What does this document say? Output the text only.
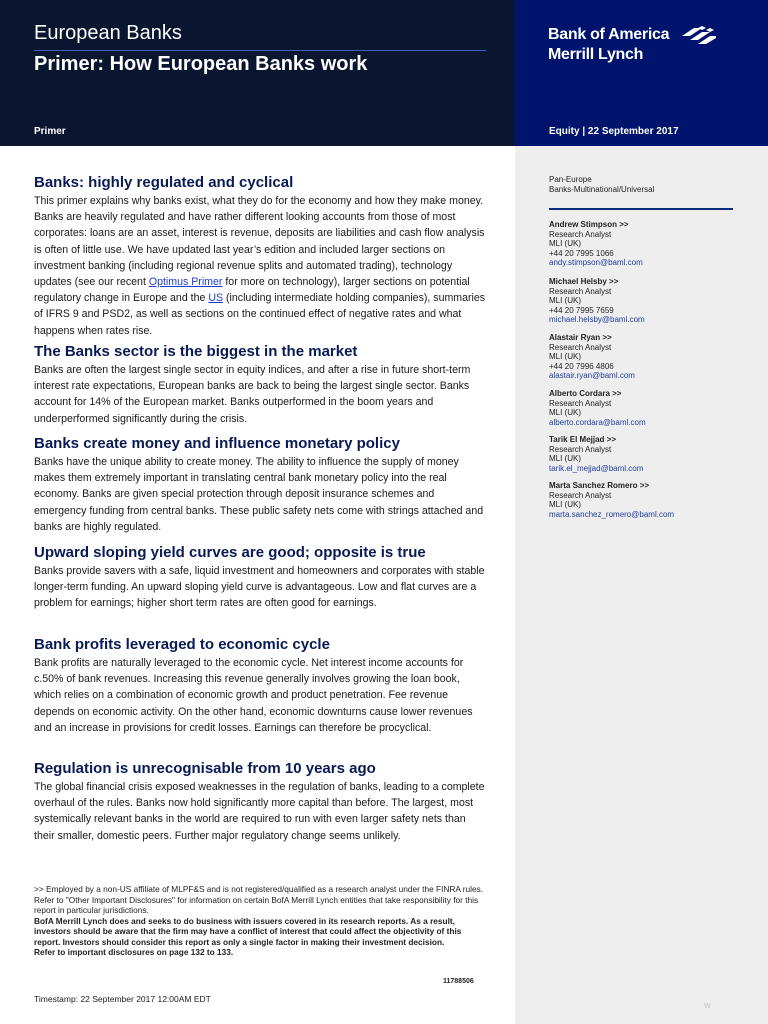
European Banks
Primer: How European Banks work
Primer
Bank of America
Merrill Lynch
Equity | 22 September 2017
Pan-Europe
Banks-Multinational/Universal
Andrew Stimpson >>
Research Analyst
MLI (UK)
+44 20 7995 1066
andy.stimpson@baml.com
Michael Helsby >>
Research Analyst
MLI (UK)
+44 20 7995 7659
michael.helsby@baml.com
Alastair Ryan >>
Research Analyst
MLI (UK)
+44 20 7996 4806
alastair.ryan@baml.com
Alberto Cordara >>
Research Analyst
MLI (UK)
alberto.cordara@baml.com
Tarik El Mejjad >>
Research Analyst
MLI (UK)
tarik.el_mejjad@baml.com
Marta Sanchez Romero >>
Research Analyst
MLI (UK)
marta.sanchez_romero@baml.com
Banks: highly regulated and cyclical

This primer explains why banks exist, what they do for the economy and how they make money. Banks are heavily regulated and have rather different looking accounts from those of most corporates: loans are an asset, interest is revenue, deposits are liabilities and cash flow analysis is often of little use. We have updated last year’s edition and included larger sections on investment banking (including regional revenue splits and automated trading), technology updates (see our recent Optimus Primer for more on technology), larger sections on potential regulatory change in Europe and the US (including intermediate holding companies), summaries of IFRS 9 and PSD2, as well as sections on the continued effect of negative rates and what happens when rates rise.

The Banks sector is the biggest in the market

Banks are often the largest single sector in equity indices, and after a rise in future short-term interest rate expectations, European banks are back to being the largest single sector. Banks account for 14% of the European market. Banks outperformed in the boom years and underperformed significantly during the crisis.

Banks create money and influence monetary policy

Banks have the unique ability to create money. The ability to influence the supply of money makes them extremely important in translating central bank monetary policy into the real economy. Banks are given special protection through deposit insurance schemes and emergency funding from central banks. These public safety nets come with strings attached and banks are highly regulated.

Upward sloping yield curves are good; opposite is true

Banks provide savers with a safe, liquid investment and homeowners and corporates with stable longer-term funding. An upward sloping yield curve is advantageous. Low and flat curves are a problem for earnings; higher short term rates are often good for earnings.

Bank profits leveraged to economic cycle

Bank profits are naturally leveraged to the economic cycle. Net interest income accounts for c.50% of bank revenues. Increasing this revenue generally involves growing the loan book, which relies on a combination of economic growth and product penetration. Fee revenue depends on economic activity. On the other hand, economic downturns cause lower revenues and an increase in provisions for credit losses. Earnings can therefore be procyclical.

Regulation is unrecognisable from 10 years ago

The global financial crisis exposed weaknesses in the regulation of banks, leading to a complete overhaul of the rules. Banks now hold significantly more capital than before. The largest, most systemically relevant banks in the world are required to run with even larger safety nets than their smaller, domestic peers. Further major regulatory change seems unlikely.

>> Employed by a non-US affiliate of MLPF&S and is not registered/qualified as a research analyst under the FINRA rules.
Refer to "Other Important Disclosures" for information on certain BofA Merrill Lynch entities that take responsibility for this report in particular jurisdictions.
BofA Merrill Lynch does and seeks to do business with issuers covered in its research reports. As a result, investors should be aware that the firm may have a conflict of interest that could affect the objectivity of this report. Investors should consider this report as only a single factor in making their investment decision.
Refer to important disclosures on page 132 to 133.
11788506
Timestamp: 22 September 2017 12:00AM EDT
W
